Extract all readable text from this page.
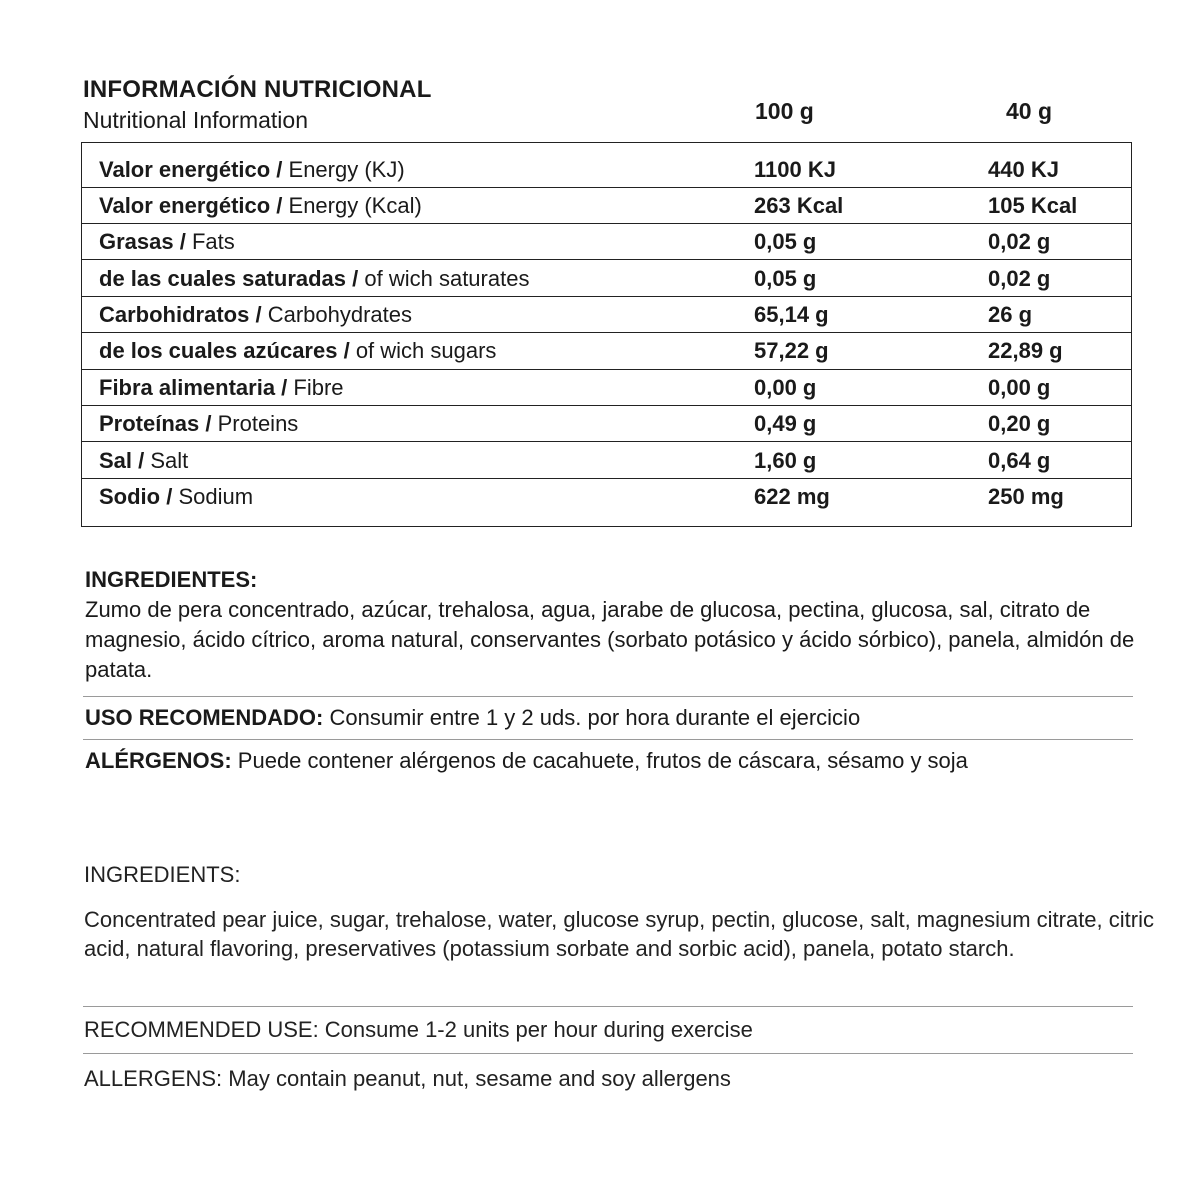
INFORMACIÓN NUTRICIONAL
Nutritional Information	100 g	40 g
Valor energético / Energy (KJ)	1100 KJ	440 KJ
Valor energético / Energy (Kcal)	263 Kcal	105 Kcal
Grasas / Fats	0,05 g	0,02 g
de las cuales saturadas / of wich saturates	0,05 g	0,02 g
Carbohidratos / Carbohydrates	65,14 g	26 g
de los cuales azúcares / of wich sugars	57,22 g	22,89 g
Fibra alimentaria / Fibre	0,00 g	0,00 g
Proteínas / Proteins	0,49 g	0,20 g
Sal / Salt	1,60 g	0,64 g
Sodio / Sodium	622 mg	250 mg
INGREDIENTES:
Zumo de pera concentrado, azúcar, trehalosa, agua, jarabe de glucosa, pectina, glucosa, sal, citrato de magnesio, ácido cítrico, aroma natural, conservantes (sorbato potásico y ácido sórbico), panela, almidón de patata.
USO RECOMENDADO: Consumir entre 1 y 2 uds. por hora durante el ejercicio
ALÉRGENOS: Puede contener alérgenos de cacahuete, frutos de cáscara, sésamo y soja
INGREDIENTS:
Concentrated pear juice, sugar, trehalose, water, glucose syrup, pectin, glucose, salt, magnesium citrate, citric acid, natural flavoring, preservatives (potassium sorbate and sorbic acid), panela, potato starch.
RECOMMENDED USE: Consume 1-2 units per hour during exercise
ALLERGENS: May contain peanut, nut, sesame and soy allergens
